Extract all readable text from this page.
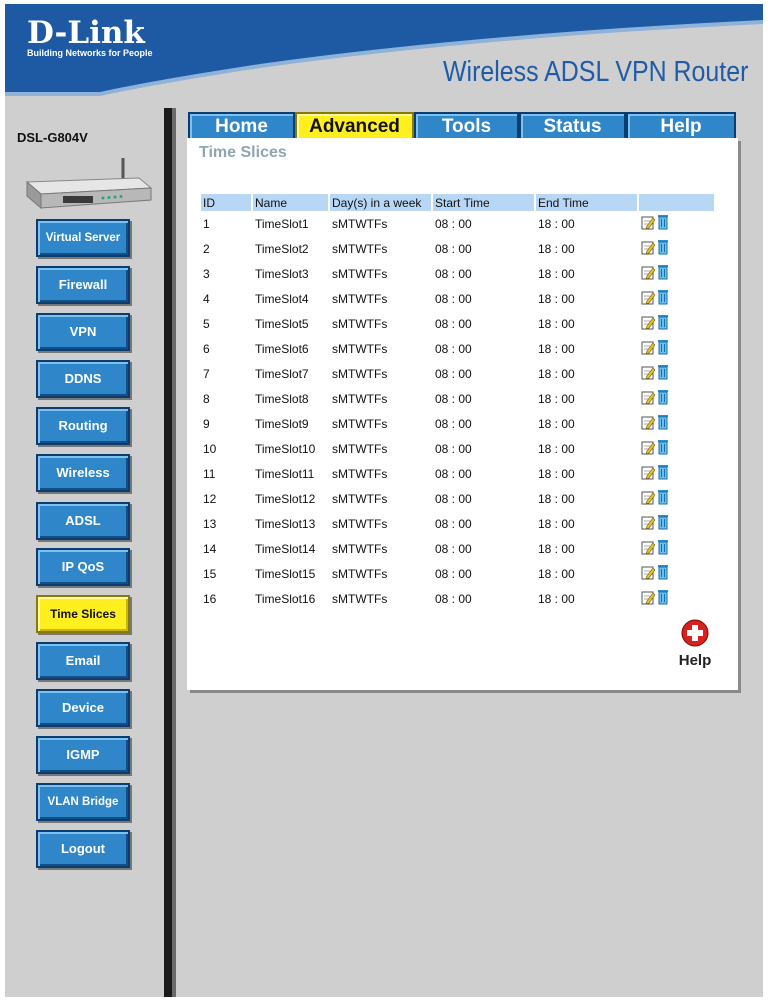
D-Link
Building Networks for People
Wireless ADSL VPN Router
DSL-G804V
Virtual Server
Firewall
VPN
DDNS
Routing
Wireless
ADSL
IP QoS
Time Slices
Email
Device
IGMP
VLAN Bridge
Logout
Home	Advanced	Tools	Status	Help
Time Slices
ID	Name	Day(s) in a week	Start Time	End Time	
1	TimeSlot1	sMTWTFs	08 : 00	18 : 00	
2	TimeSlot2	sMTWTFs	08 : 00	18 : 00	
3	TimeSlot3	sMTWTFs	08 : 00	18 : 00	
4	TimeSlot4	sMTWTFs	08 : 00	18 : 00	
5	TimeSlot5	sMTWTFs	08 : 00	18 : 00	
6	TimeSlot6	sMTWTFs	08 : 00	18 : 00	
7	TimeSlot7	sMTWTFs	08 : 00	18 : 00	
8	TimeSlot8	sMTWTFs	08 : 00	18 : 00	
9	TimeSlot9	sMTWTFs	08 : 00	18 : 00	
10	TimeSlot10	sMTWTFs	08 : 00	18 : 00	
11	TimeSlot11	sMTWTFs	08 : 00	18 : 00	
12	TimeSlot12	sMTWTFs	08 : 00	18 : 00	
13	TimeSlot13	sMTWTFs	08 : 00	18 : 00	
14	TimeSlot14	sMTWTFs	08 : 00	18 : 00	
15	TimeSlot15	sMTWTFs	08 : 00	18 : 00	
16	TimeSlot16	sMTWTFs	08 : 00	18 : 00	
Help
